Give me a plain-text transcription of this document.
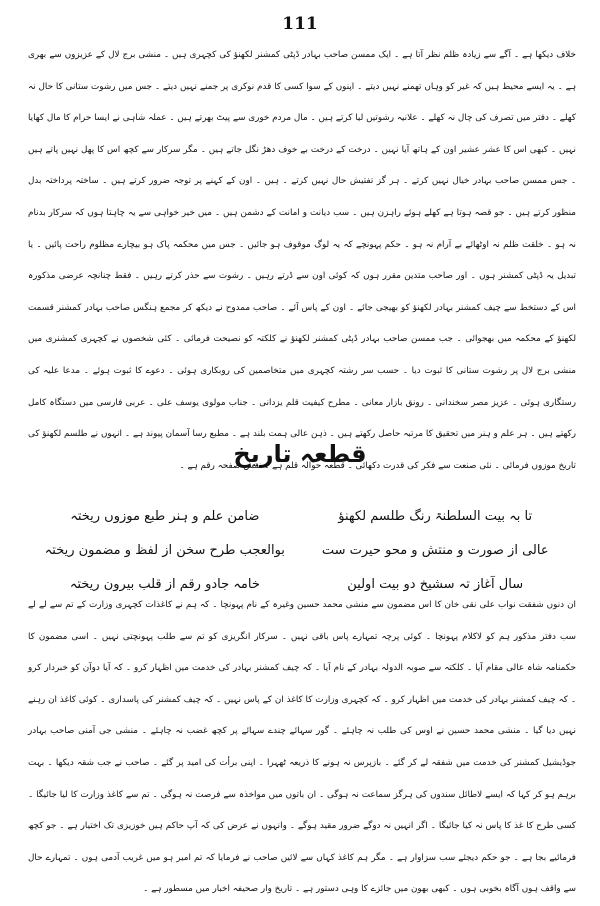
111

خلاف دیکھا ہے ۔ آگے سے زیادہ ظلم نظر آتا ہے ۔ ایک ممسن صاحب بہادر ڈپٹی کمشنر لکھنؤ کی کچہری ہیں ۔ منشی برج لال کے عزیزوں سے بھری ہے ۔ یہ ایسے محیط ہیں کہ غیر کو وہاں تھمنے نہیں دیتے ۔ اپنوں کے سوا کسی کا قدم نوکری پر جمنے نہیں دیتے ۔ جس میں رشوت ستانی کا حال نہ کھلے ۔ دفتر میں تصرف کی چال نہ کھلے ۔ علانیہ رشوتیں لیا کرتے ہیں ۔ مال مردم خوری سے پیٹ بھرتے ہیں ۔ عملہ شاہی نے ایسا حرام کا مال کھایا نہیں ۔ کبھی اس کا عشر عشیر اون کے ہاتھ آیا نہیں ۔ درخت کے درخت بے خوف دھڑ نگل جاتے ہیں ۔ مگر سرکار سے کچھ اس کا پھل نہیں پاتے ہیں ۔ جس ممسن صاحب بہادر خیال نہیں کرتے ۔ ہر گز تفتیش حال نہیں کرتے ۔ ہیں ۔ اون کے کہنے پر توجہ ضرور کرتے ہیں ۔ ساختہ پرداختہ بدل منظور کرتے ہیں ۔ جو قصہ ہوتا ہے کھلے ہوئے راہزن ہیں ۔ سب دیانت و امانت کے دشمن ہیں ۔ میں خیر خواہی سے یہ چاہتا ہوں کہ سرکار بدنام نہ ہو ۔ خلقت ظلم نہ اوٹھائے بے آرام نہ ہو ۔ حکم پہونچے کہ یہ لوگ موقوف ہو جائیں ۔ جس میں محکمہ پاک ہو بیچارے مظلوم راحت پائیں ۔ یا تبدیل یہ ڈپٹی کمشنر ہوں ۔ اور صاحب متدین مقرر ہوں کہ کوئی اون سے ڈرتے رہیں ۔ رشوت سے حذر کرتے رہیں ۔ فقط چنانچہ عرضی مذکورہ اس کے دستخط سے چیف کمشنر بہادر لکھنؤ کو بھیجی جائے ۔ اون کے پاس آئے ۔ صاحب ممدوح نے دیکھ کر مجمع ہنگس صاحب بہادر کمشنر قسمت لکھنؤ کے محکمہ میں بھجوائی ۔ جب ممسن صاحب بہادر ڈپٹی کمشنر لکھنؤ نے کلکتہ کو نصیحت فرمائی ۔ کئی شخصوں نے کچہری کمشنری میں منشی برج لال پر رشوت ستانی کا ثبوت دیا ۔ حسب سر رشتہ کچہری میں متخاصمین کی روبکاری ہوئی ۔ دعوے کا ثبوت ہوئے ۔ مدعا علیہ کی رستگاری ہوئی ۔ عزیز مصر سخندانی ۔ رونق بازار معانی ۔ مطرح کیفیت قلم یزدانی ۔ جناب مولوی یوسف علی ۔ عربی فارسی میں دستگاہ کامل رکھتے ہیں ۔ ہر علم و ہنر میں تحقیق کا مرتبہ حاصل رکھتے ہیں ۔ ذہن عالی ہمت بلند ہے ۔ مطبع رسا آسمان پیوند ہے ۔ انہوں نے طلسم لکھنؤ کی تاریخ موزوں فرمائی ۔ نئی صنعت سے فکر کی قدرت دکھائی ۔ قطعہ حوالہ قلم ہے ۔ نقش صفحہ رقم ہے ۔

قطعہ تاریخ
تا بہ بیت السلطنۃ رنگ طلسم لکھنؤ
ضامن علم و ہنر طبع موزوں ریختہ
عالی از صورت و منتش و محو حیرت ست
بوالعجب طرح سخن از لفظ و مضمون ریختہ
سال آغاز تہ سشیخ دو بیت اولین
خامہ جادو رقم از قلب بیرون ریختہ

ان دنوں شفقت نواب علی نقی خان کا اس مضمون سے منشی محمد حسین وغیرہ کے نام پہونچا ۔ کہ ہم نے کاغذات کچہری وزارت کے تم سے لے لے سب دفتر مذکور ہم کو لاکلام پہونچا ۔ کوئی پرچہ تمہارے پاس باقی نہیں ۔ سرکار انگریزی کو تم سے طلب پہونچتی نہیں ۔ اسی مضمون کا حکمنامہ شاہ عالی مقام آیا ۔ کلکتہ سے صوبہ الدولہ بہادر کے نام آیا ۔ کہ چیف کمشنر بہادر کی خدمت میں اظہار کرو ۔ کہ آیا دوآن کو خبردار کرو ۔ کہ چیف کمشنر بہادر کی خدمت میں اظہار کرو ۔ کہ کچہری وزارت کا کاغذ ان کے پاس نہیں ۔ کہ چیف کمشنر کی پاسداری ۔ کوئی کاغذ ان رہنے نہیں دیا گیا ۔ منشی محمد حسین نے اوس کی طلب نہ چاہئے ۔ گور سہائے چندے سہائے پر کچھ غضب نہ چاہئے ۔ منشی جی آمنی صاحب بہادر جوڈیشیل کمشنر کی خدمت میں شفقہ لے کر گئے ۔ بازپرس نہ ہونے کا ذریعہ ٹھہرا ۔ اپنی برأت کی امید پر گئے ۔ صاحب نے جب شقہ دیکھا ۔ بہت برہم ہو کر کہا کہ ایسے لاطائل سندوں کی ہرگز سماعت نہ ہوگی ۔ ان باتوں میں مواخذہ سے فرصت نہ ہوگی ۔ تم سے کاغذ وزارت کا لیا جائیگا ۔ کسی طرح کا غذ کا پاس نہ کیا جائیگا ۔ اگر انہیں نہ دوگے ضرور مقید ہوگے ۔ وانہوں نے عرض کی کہ آپ حاکم ہیں خوزیزی تک اختیار ہے ۔ جو کچھ فرمائیے بجا ہے ۔ جو حکم دیجئے سب سزاوار ہے ۔ مگر ہم کاغذ کہاں سے لائیں صاحب نے فرمایا کہ تم امیر ہو میں غریب آدمی ہوں ۔ تمہارے حال سے واقف ہوں آگاہ بخوبی ہوں ۔ کبھی بھون میں جائزے کا وہی دستور ہے ۔ تاریخ وار صحیفہ اخبار میں مسطور ہے ۔
